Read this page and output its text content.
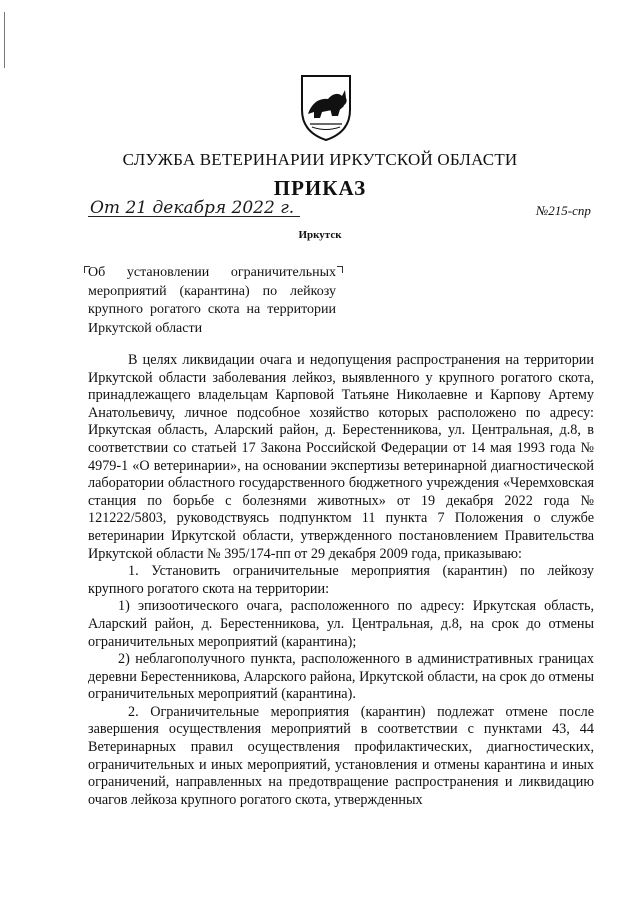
СЛУЖБА ВЕТЕРИНАРИИ ИРКУТСКОЙ ОБЛАСТИ
ПРИКАЗ
От 21 декабря 2022 г.	№215-спр
Иркутск
Об установлении ограничительных мероприятий (карантина) по лейкозу крупного рогатого скота на территории Иркутской области

В целях ликвидации очага и недопущения распространения на территории Иркутской области заболевания лейкоз, выявленного у крупного рогатого скота, принадлежащего владельцам Карповой Татьяне Николаевне и Карпову Артему Анатольевичу, личное подсобное хозяйство которых расположено по адресу: Иркутская область, Аларский район, д. Берестенникова, ул. Центральная, д.8, в соответствии со статьей 17 Закона Российской Федерации от 14 мая 1993 года № 4979-1 «О ветеринарии», на основании экспертизы ветеринарной диагностической лаборатории областного государственного бюджетного учреждения «Черемховская станция по борьбе с болезнями животных» от 19 декабря 2022 года № 121222/5803, руководствуясь подпунктом 11 пункта 7 Положения о службе ветеринарии Иркутской области, утвержденного постановлением Правительства Иркутской области № 395/174-пп от 29 декабря 2009 года, приказываю:

1. Установить ограничительные мероприятия (карантин) по лейкозу крупного рогатого скота на территории:

1) эпизоотического очага, расположенного по адресу: Иркутская область, Аларский район, д. Берестенникова, ул. Центральная, д.8, на срок до отмены ограничительных мероприятий (карантина);

2) неблагополучного пункта, расположенного в административных границах деревни Берестенникова, Аларского района, Иркутской области, на срок до отмены ограничительных мероприятий (карантина).

2. Ограничительные мероприятия (карантин) подлежат отмене после завершения осуществления мероприятий в соответствии с пунктами 43, 44 Ветеринарных правил осуществления профилактических, диагностических, ограничительных и иных мероприятий, установления и отмены карантина и иных ограничений, направленных на предотвращение распространения и ликвидацию очагов лейкоза крупного рогатого скота, утвержденных
